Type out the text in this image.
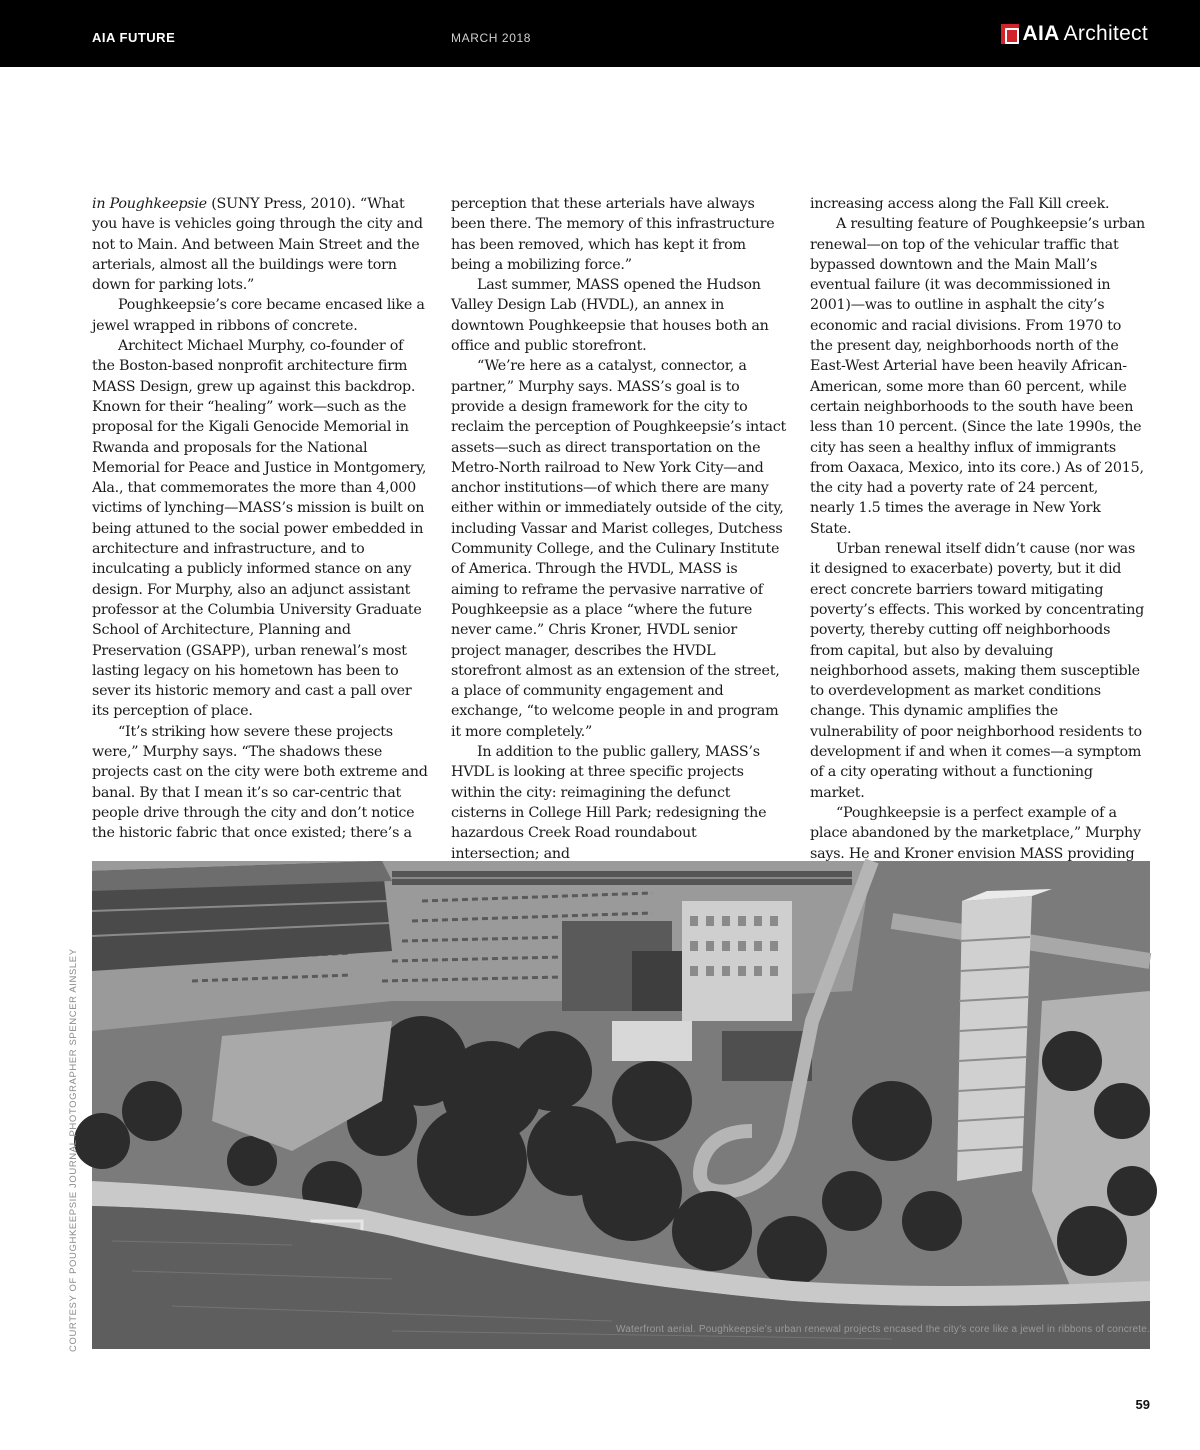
AIA FUTURE	MARCH 2018	AIA Architect

in Poughkeepsie (SUNY Press, 2010). “What you have is vehicles going through the city and not to Main. And between Main Street and the arterials, almost all the buildings were torn down for parking lots.”

Poughkeepsie’s core became encased like a jewel wrapped in ribbons of concrete.

Architect Michael Murphy, co-founder of the Boston-based nonprofit architecture firm MASS Design, grew up against this backdrop. Known for their “healing” work—such as the proposal for the Kigali Genocide Memorial in Rwanda and proposals for the National Memorial for Peace and Justice in Montgomery, Ala., that commemorates the more than 4,000 victims of lynching—MASS’s mission is built on being attuned to the social power embedded in architecture and infrastructure, and to inculcating a publicly informed stance on any design. For Murphy, also an adjunct assistant professor at the Columbia University Graduate School of Architecture, Planning and Preservation (GSAPP), urban renewal’s most lasting legacy on his hometown has been to sever its historic memory and cast a pall over its perception of place.

“It’s striking how severe these projects were,” Murphy says. “The shadows these projects cast on the city were both extreme and banal. By that I mean it’s so car-centric that people drive through the city and don’t notice the historic fabric that once existed; there’s a

perception that these arterials have always been there. The memory of this infrastructure has been removed, which has kept it from being a mobilizing force.”

Last summer, MASS opened the Hudson Valley Design Lab (HVDL), an annex in downtown Poughkeepsie that houses both an office and public storefront.

“We’re here as a catalyst, connector, a partner,” Murphy says. MASS’s goal is to provide a design framework for the city to reclaim the perception of Poughkeepsie’s intact assets—such as direct transportation on the Metro-North railroad to New York City—and anchor institutions—of which there are many either within or immediately outside of the city, including Vassar and Marist colleges, Dutchess Community College, and the Culinary Institute of America. Through the HVDL, MASS is aiming to reframe the pervasive narrative of Poughkeepsie as a place “where the future never came.” Chris Kroner, HVDL senior project manager, describes the HVDL storefront almost as an extension of the street, a place of community engagement and exchange, “to welcome people in and program it more completely.”

In addition to the public gallery, MASS’s HVDL is looking at three specific projects within the city: reimagining the defunct cisterns in College Hill Park; redesigning the hazardous Creek Road roundabout intersection; and

increasing access along the Fall Kill creek.

A resulting feature of Poughkeepsie’s urban renewal—on top of the vehicular traffic that bypassed downtown and the Main Mall’s eventual failure (it was decommissioned in 2001)—was to outline in asphalt the city’s economic and racial divisions. From 1970 to the present day, neighborhoods north of the East-West Arterial have been heavily African-American, some more than 60 percent, while certain neighborhoods to the south have been less than 10 percent. (Since the late 1990s, the city has seen a healthy influx of immigrants from Oaxaca, Mexico, into its core.) As of 2015, the city had a poverty rate of 24 percent, nearly 1.5 times the average in New York State.

Urban renewal itself didn’t cause (nor was it designed to exacerbate) poverty, but it did erect concrete barriers toward mitigating poverty’s effects. This worked by concentrating poverty, thereby cutting off neighborhoods from capital, but also by devaluing neighborhood assets, making them susceptible to overdevelopment as market conditions change. This dynamic amplifies the vulnerability of poor neighborhood residents to development if and when it comes—a symptom of a city operating without a functioning market.

“Poughkeepsie is a perfect example of a place abandoned by the marketplace,” Murphy says. He and Kroner envision MASS providing

COURTESY OF POUGHKEEPSIE JOURNAL PHOTOGRAPHER SPENCER AINSLEY	Waterfront aerial. Poughkeepsie’s urban renewal projects encased the city’s core like a jewel in ribbons of concrete.
59
